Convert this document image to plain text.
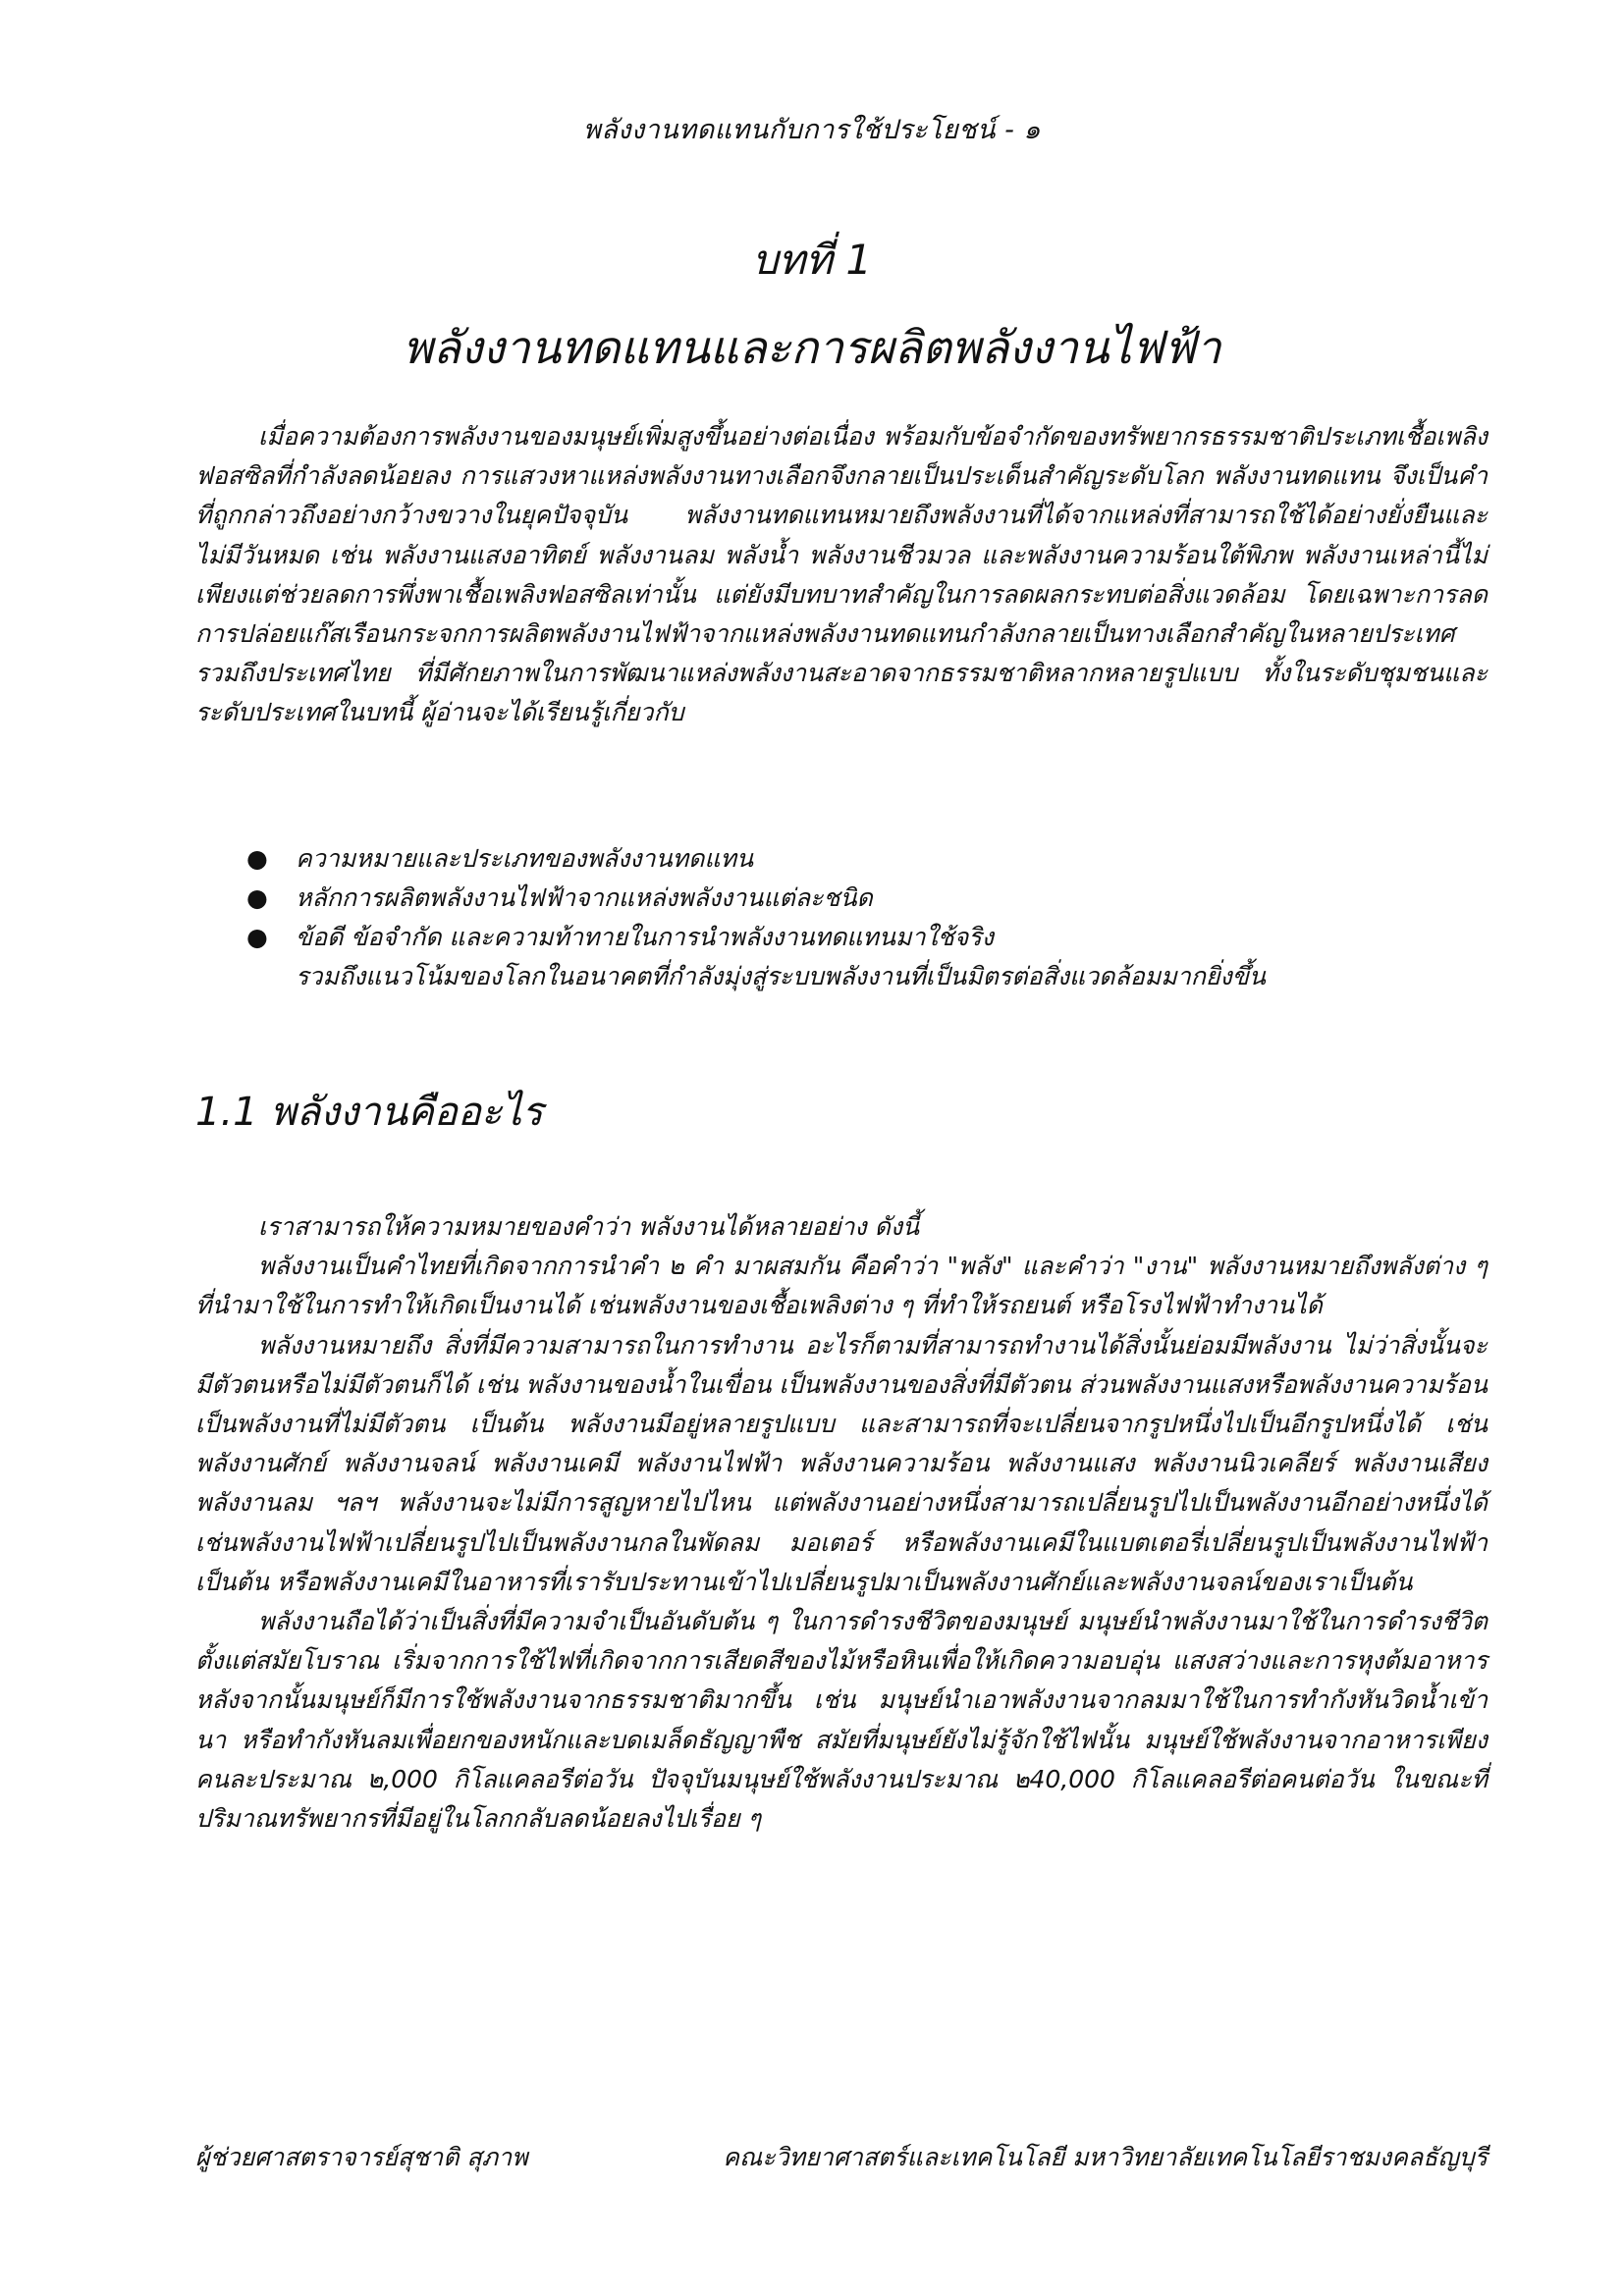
พลังงานทดแทนกับการใช้ประโยชน์ - ๑
บทที่ 1
พลังงานทดแทนและการผลิตพลังงานไฟฟ้า

เมื่อความต้องการพลังงานของมนุษย์เพิ่มสูงขึ้นอย่างต่อเนื่อง พร้อมกับข้อจำกัดของทรัพยากรธรรมชาติประเภทเชื้อเพลิงฟอสซิลที่กำลังลดน้อยลง การแสวงหาแหล่งพลังงานทางเลือกจึงกลายเป็นประเด็นสำคัญระดับโลก พลังงานทดแทน จึงเป็นคำที่ถูกกล่าวถึงอย่างกว้างขวางในยุคปัจจุบัน พลังงานทดแทนหมายถึงพลังงานที่ได้จากแหล่งที่สามารถใช้ได้อย่างยั่งยืนและ ไม่มีวันหมด เช่น พลังงานแสงอาทิตย์ พลังงานลม พลังน้ำ พลังงานชีวมวล และพลังงานความร้อนใต้พิภพ พลังงานเหล่านี้ไม่เพียงแต่ช่วยลดการพึ่งพาเชื้อเพลิงฟอสซิลเท่านั้น แต่ยังมีบทบาทสำคัญในการลดผลกระทบต่อสิ่งแวดล้อม โดยเฉพาะการลดการปล่อยแก๊สเรือนกระจกการผลิตพลังงานไฟฟ้าจากแหล่งพลังงานทดแทนกำลังกลายเป็นทางเลือกสำคัญในหลายประเทศ รวมถึงประเทศไทย ที่มีศักยภาพในการพัฒนาแหล่งพลังงานสะอาดจากธรรมชาติหลากหลายรูปแบบ ทั้งในระดับชุมชนและระดับประเทศในบทนี้ ผู้อ่านจะได้เรียนรู้เกี่ยวกับ

● ความหมายและประเภทของพลังงานทดแทน
● หลักการผลิตพลังงานไฟฟ้าจากแหล่งพลังงานแต่ละชนิด
● ข้อดี ข้อจำกัด และความท้าทายในการนำพลังงานทดแทนมาใช้จริง
รวมถึงแนวโน้มของโลกในอนาคตที่กำลังมุ่งสู่ระบบพลังงานที่เป็นมิตรต่อสิ่งแวดล้อมมากยิ่งขึ้น
1.1 พลังงานคืออะไร

เราสามารถให้ความหมายของคำว่า พลังงานได้หลายอย่าง ดังนี้

พลังงานเป็นคำไทยที่เกิดจากการนำคำ ๒ คำ มาผสมกัน คือคำว่า "พลัง" และคำว่า "งาน" พลังงานหมายถึงพลังต่าง ๆ ที่นำมาใช้ในการทำให้เกิดเป็นงานได้ เช่นพลังงานของเชื้อเพลิงต่าง ๆ ที่ทำให้รถยนต์ หรือโรงไฟฟ้าทำงานได้

พลังงานหมายถึง สิ่งที่มีความสามารถในการทำงาน อะไรก็ตามที่สามารถทำงานได้สิ่งนั้นย่อมมีพลังงาน ไม่ว่าสิ่งนั้นจะมีตัวตนหรือไม่มีตัวตนก็ได้ เช่น พลังงานของน้ำในเขื่อน เป็นพลังงานของสิ่งที่มีตัวตน ส่วนพลังงานแสงหรือพลังงานความร้อนเป็นพลังงานที่ไม่มีตัวตน เป็นต้น พลังงานมีอยู่หลายรูปแบบ และสามารถที่จะเปลี่ยนจากรูปหนึ่งไปเป็นอีกรูปหนึ่งได้ เช่น พลังงานศักย์ พลังงานจลน์ พลังงานเคมี พลังงานไฟฟ้า พลังงานความร้อน พลังงานแสง พลังงานนิวเคลียร์ พลังงานเสียง พลังงานลม ฯลฯ พลังงานจะไม่มีการสูญหายไปไหน แต่พลังงานอย่างหนึ่งสามารถเปลี่ยนรูปไปเป็นพลังงานอีกอย่างหนึ่งได้ เช่นพลังงานไฟฟ้าเปลี่ยนรูปไปเป็นพลังงานกลในพัดลม มอเตอร์ หรือพลังงานเคมีในแบตเตอรี่เปลี่ยนรูปเป็นพลังงานไฟฟ้าเป็นต้น หรือพลังงานเคมีในอาหารที่เรารับประทานเข้าไปเปลี่ยนรูปมาเป็นพลังงานศักย์และพลังงานจลน์ของเราเป็นต้น

พลังงานถือได้ว่าเป็นสิ่งที่มีความจำเป็นอันดับต้น ๆ ในการดำรงชีวิตของมนุษย์ มนุษย์นำพลังงานมาใช้ในการดำรงชีวิตตั้งแต่สมัยโบราณ เริ่มจากการใช้ไฟที่เกิดจากการเสียดสีของไม้หรือหินเพื่อให้เกิดความอบอุ่น แสงสว่างและการหุงต้มอาหาร หลังจากนั้นมนุษย์ก็มีการใช้พลังงานจากธรรมชาติมากขึ้น เช่น มนุษย์นำเอาพลังงานจากลมมาใช้ในการทำกังหันวิดน้ำเข้านา หรือทำกังหันลมเพื่อยกของหนักและบดเมล็ดธัญญาพืช สมัยที่มนุษย์ยังไม่รู้จักใช้ไฟนั้น มนุษย์ใช้พลังงานจากอาหารเพียงคนละประมาณ ๒,000 กิโลแคลอรีต่อวัน ปัจจุบันมนุษย์ใช้พลังงานประมาณ ๒40,000 กิโลแคลอรีต่อคนต่อวัน ในขณะที่ปริมาณทรัพยากรที่มีอยู่ในโลกกลับลดน้อยลงไปเรื่อย ๆ

ผู้ช่วยศาสตราจารย์สุชาติ สุภาพ	คณะวิทยาศาสตร์และเทคโนโลยี มหาวิทยาลัยเทคโนโลยีราชมงคลธัญบุรี
